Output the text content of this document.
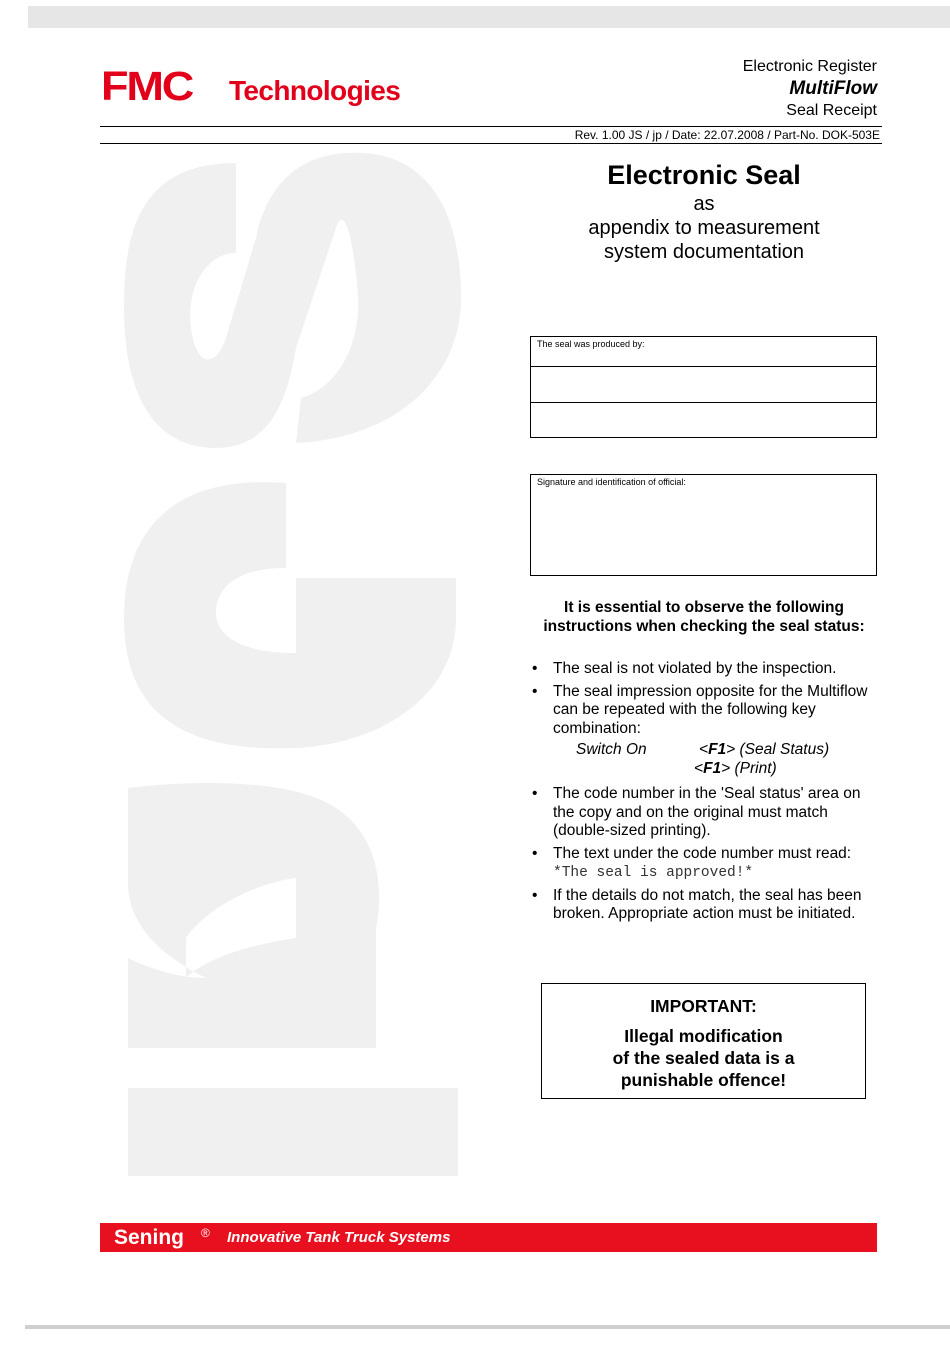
FMC Technologies
Electronic Register
MultiFlow
Seal Receipt
Rev. 1.00 JS / jp / Date: 22.07.2008 / Part-No. DOK-503E
Electronic Seal
as
appendix to measurement
system documentation
The seal was produced by:
Signature and identification of official:
It is essential to observe the following
instructions when checking the seal status:
• The seal is not violated by the inspection.
• The seal impression opposite for the Multiflow can be repeated with the following key combination:
Switch On	<F1> (Seal Status)
<F1> (Print)
• The code number in the 'Seal status' area on the copy and on the original must match (double-sized printing).
• The text under the code number must read:
*The seal is approved!*
• If the details do not match, the seal has been broken. Appropriate action must be initiated.
IMPORTANT:
Illegal modification
of the sealed data is a
punishable offence!
Sening ® Innovative Tank Truck Systems
